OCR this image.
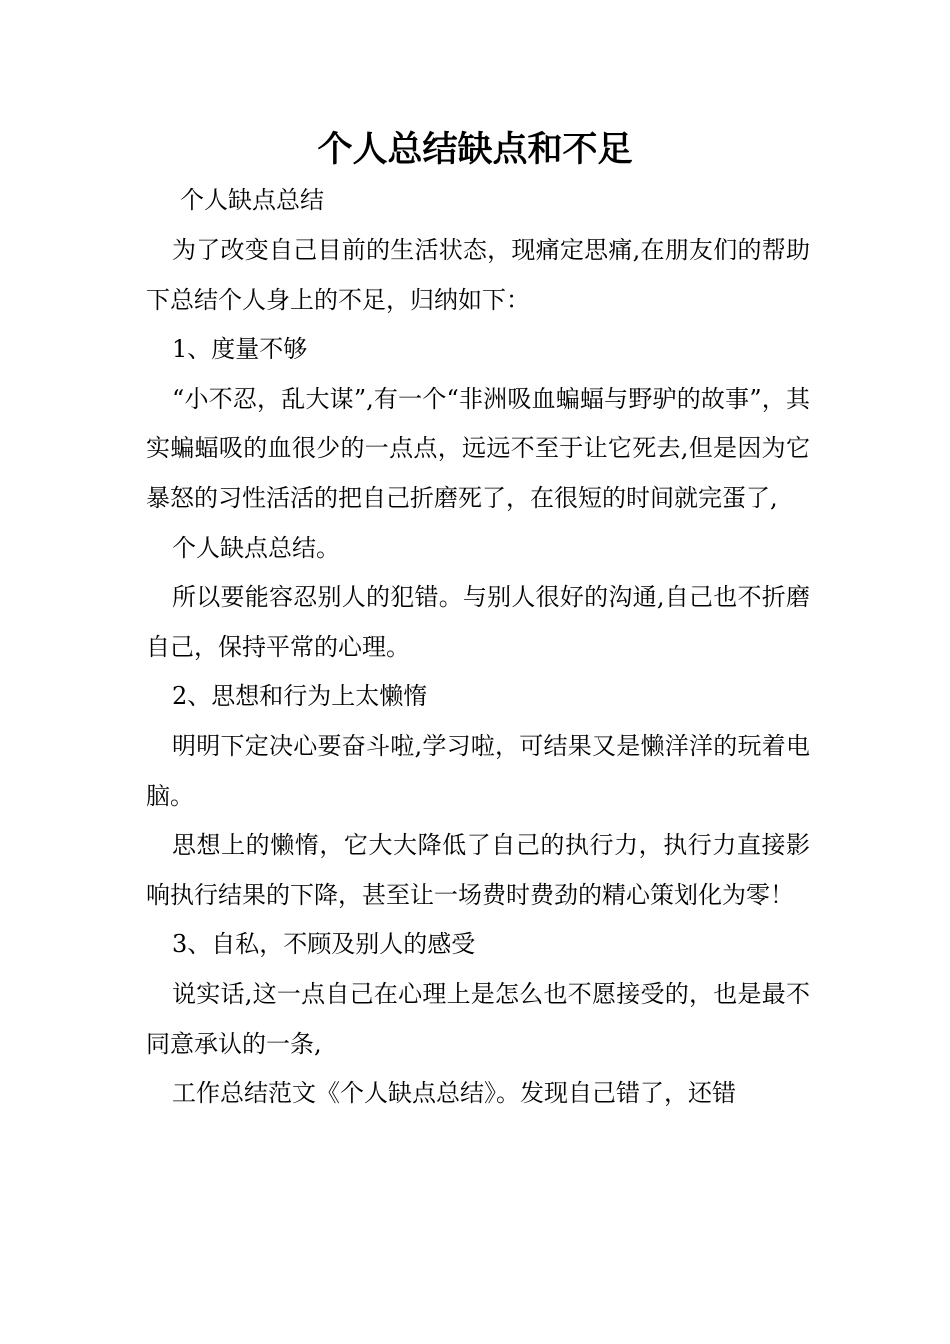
个人总结缺点和不足
个人缺点总结

为了改变自己目前的生活状态，现痛定思痛,在朋友们的帮助下总结个人身上的不足，归纳如下：

1、度量不够

“小不忍，乱大谋”,有一个“非洲吸血蝙蝠与野驴的故事”，其实蝙蝠吸的血很少的一点点，远远不至于让它死去,但是因为它暴怒的习性活活的把自己折磨死了，在很短的时间就完蛋了,

个人缺点总结。

所以要能容忍别人的犯错。与别人很好的沟通,自己也不折磨自己，保持平常的心理。

2、思想和行为上太懒惰

明明下定决心要奋斗啦,学习啦，可结果又是懒洋洋的玩着电脑。

思想上的懒惰，它大大降低了自己的执行力，执行力直接影响执行结果的下降，甚至让一场费时费劲的精心策划化为零！

3、自私，不顾及别人的感受

说实话,这一点自己在心理上是怎么也不愿接受的，也是最不同意承认的一条,

工作总结范文《个人缺点总结》。发现自己错了，还错
